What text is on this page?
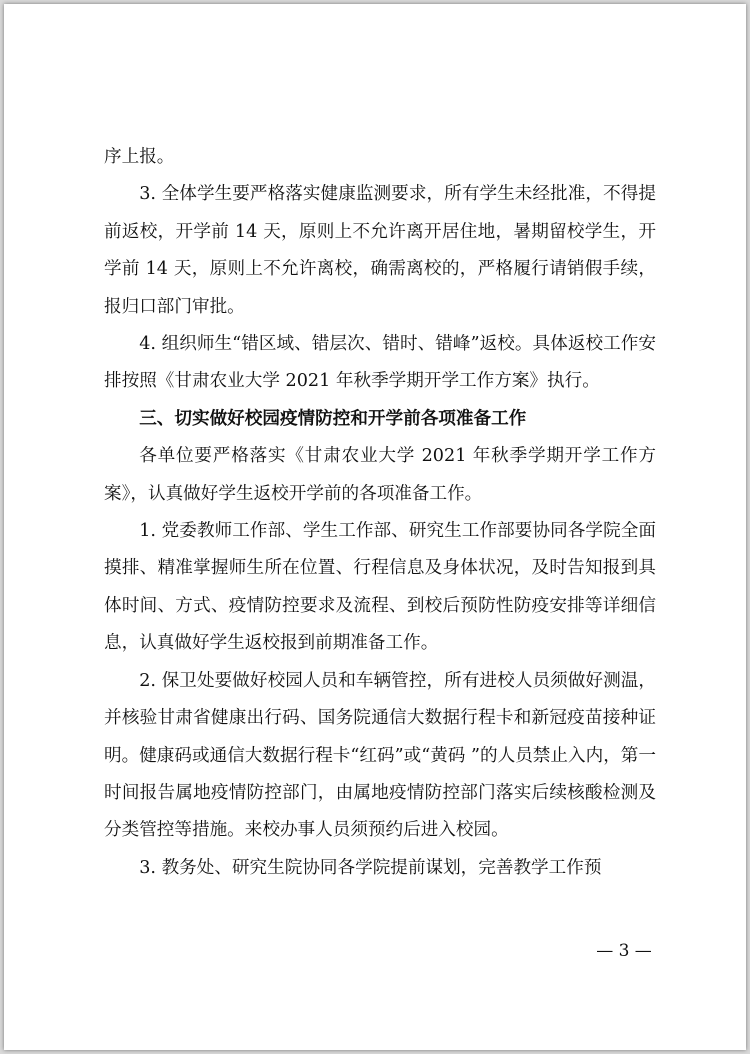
序上报。

3. 全体学生要严格落实健康监测要求，所有学生未经批准，不得提前返校，开学前 14 天，原则上不允许离开居住地，暑期留校学生，开学前 14 天，原则上不允许离校，确需离校的，严格履行请销假手续，报归口部门审批。

4. 组织师生“错区域、错层次、错时、错峰”返校。具体返校工作安排按照《甘肃农业大学 2021 年秋季学期开学工作方案》执行。

三、切实做好校园疫情防控和开学前各项准备工作

各单位要严格落实《甘肃农业大学 2021 年秋季学期开学工作方案》，认真做好学生返校开学前的各项准备工作。

1. 党委教师工作部、学生工作部、研究生工作部要协同各学院全面摸排、精准掌握师生所在位置、行程信息及身体状况，及时告知报到具体时间、方式、疫情防控要求及流程、到校后预防性防疫安排等详细信息，认真做好学生返校报到前期准备工作。

2. 保卫处要做好校园人员和车辆管控，所有进校人员须做好测温，并核验甘肃省健康出行码、国务院通信大数据行程卡和新冠疫苗接种证明。健康码或通信大数据行程卡“红码”或“黄码 ”的人员禁止入内，第一时间报告属地疫情防控部门，由属地疫情防控部门落实后续核酸检测及分类管控等措施。来校办事人员须预约后进入校园。

3. 教务处、研究生院协同各学院提前谋划，完善教学工作预

— 3 —
